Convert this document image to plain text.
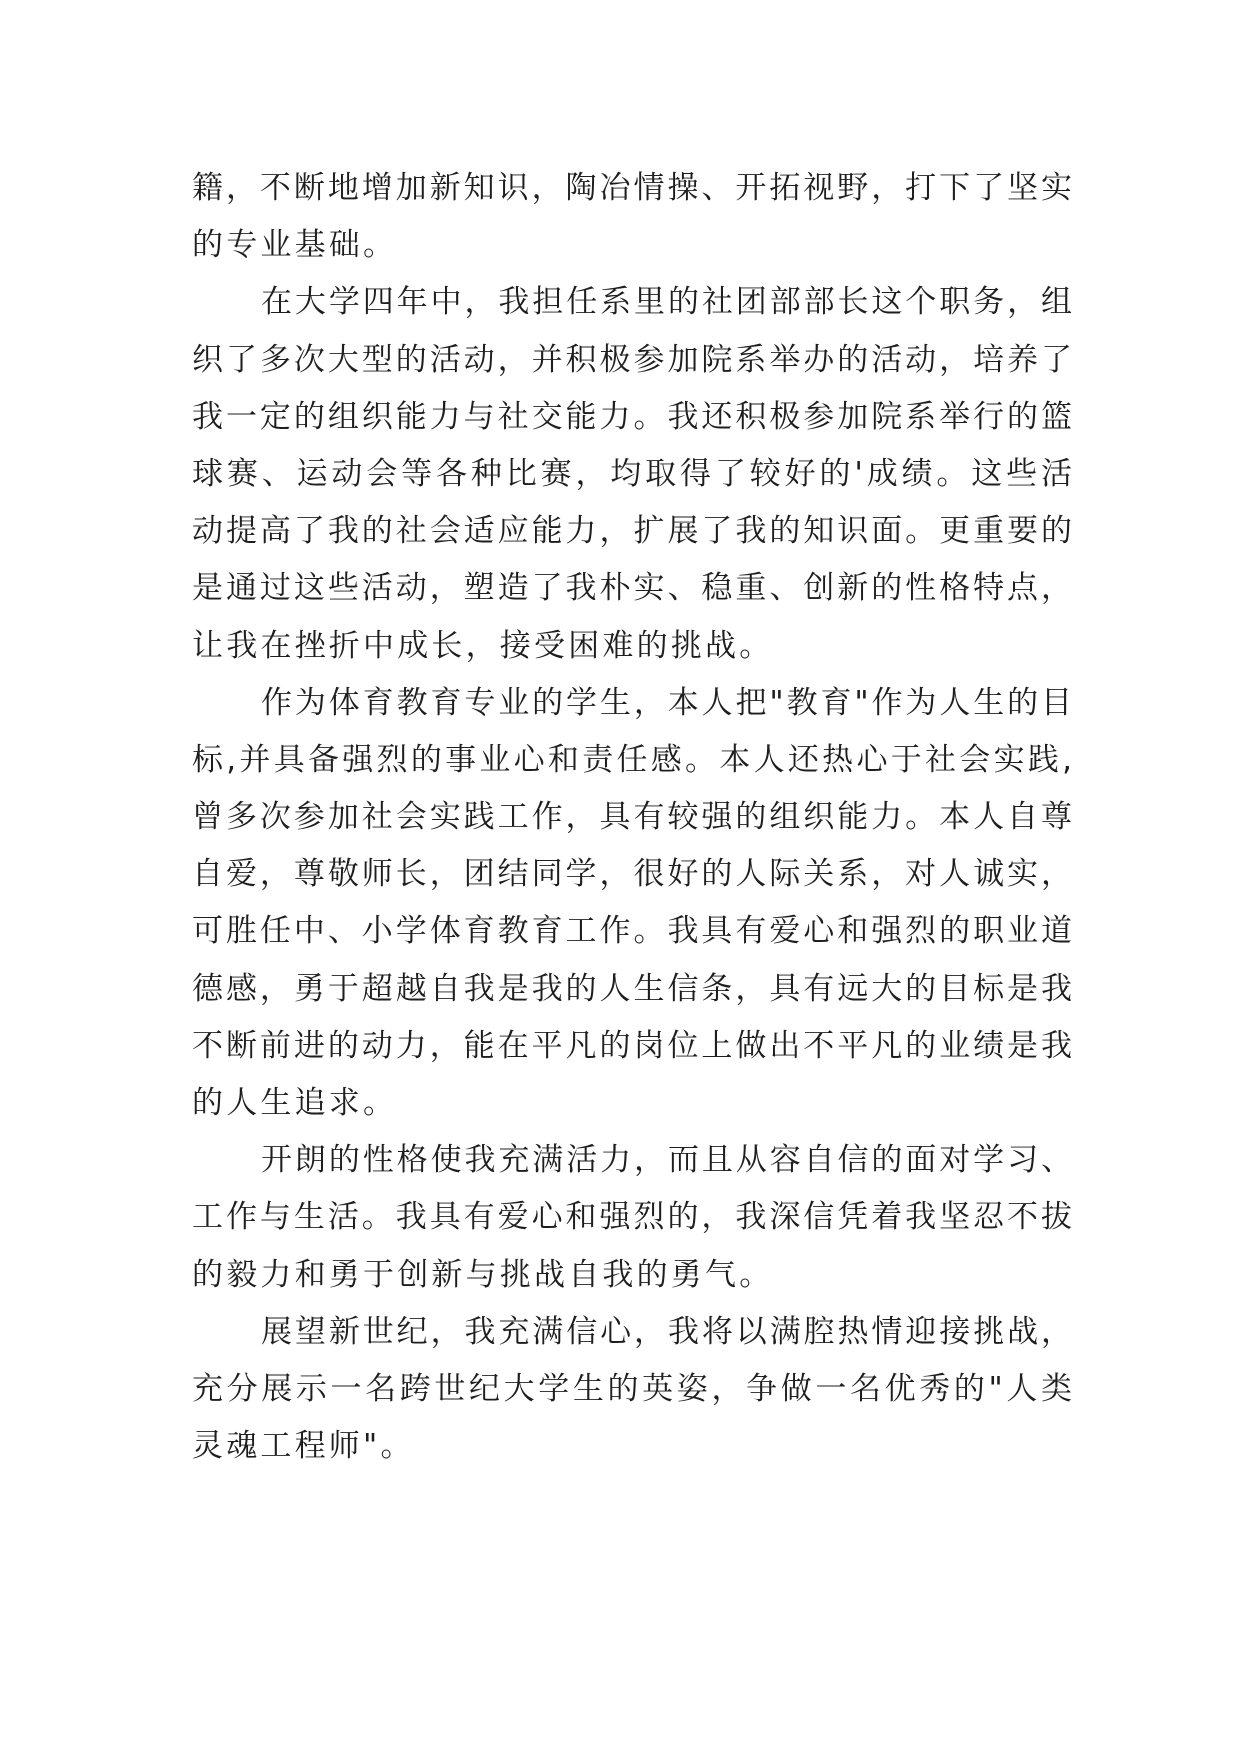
籍，不断地增加新知识，陶冶情操、开拓视野，打下了坚实
的专业基础。
在大学四年中，我担任系里的社团部部长这个职务，组
织了多次大型的活动，并积极参加院系举办的活动，培养了
我一定的组织能力与社交能力。我还积极参加院系举行的篮
球赛、运动会等各种比赛，均取得了较好的'成绩。这些活
动提高了我的社会适应能力，扩展了我的知识面。更重要的
是通过这些活动，塑造了我朴实、稳重、创新的性格特点，
让我在挫折中成长，接受困难的挑战。
作为体育教育专业的学生，本人把"教育"作为人生的目
标,并具备强烈的事业心和责任感。本人还热心于社会实践,
曾多次参加社会实践工作，具有较强的组织能力。本人自尊
自爱，尊敬师长，团结同学，很好的人际关系，对人诚实，
可胜任中、小学体育教育工作。我具有爱心和强烈的职业道
德感，勇于超越自我是我的人生信条，具有远大的目标是我
不断前进的动力，能在平凡的岗位上做出不平凡的业绩是我
的人生追求。
开朗的性格使我充满活力，而且从容自信的面对学习、
工作与生活。我具有爱心和强烈的，我深信凭着我坚忍不拔
的毅力和勇于创新与挑战自我的勇气。
展望新世纪，我充满信心，我将以满腔热情迎接挑战，
充分展示一名跨世纪大学生的英姿，争做一名优秀的"人类
灵魂工程师"。
